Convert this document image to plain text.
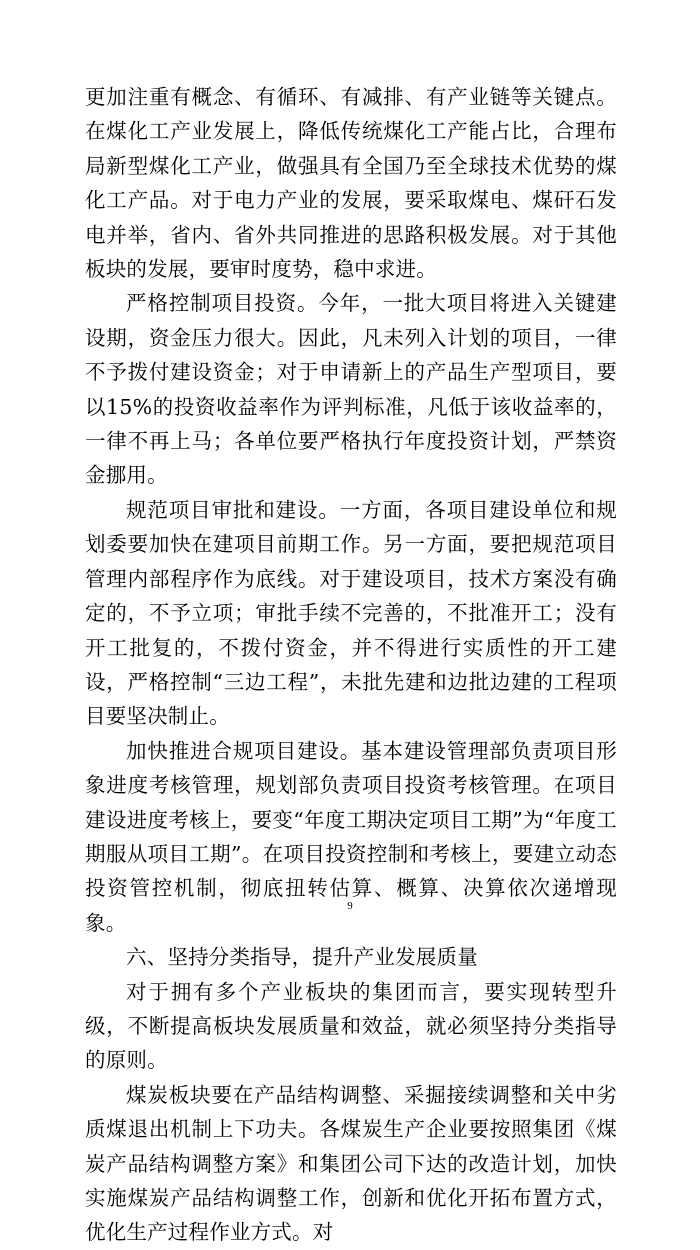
更加注重有概念、有循环、有减排、有产业链等关键点。在煤化工产业发展上，降低传统煤化工产能占比，合理布局新型煤化工产业，做强具有全国乃至全球技术优势的煤化工产品。对于电力产业的发展，要采取煤电、煤矸石发电并举，省内、省外共同推进的思路积极发展。对于其他板块的发展，要审时度势，稳中求进。

严格控制项目投资。今年，一批大项目将进入关键建设期，资金压力很大。因此，凡未列入计划的项目，一律不予拨付建设资金；对于申请新上的产品生产型项目，要以15%的投资收益率作为评判标准，凡低于该收益率的，一律不再上马；各单位要严格执行年度投资计划，严禁资金挪用。

规范项目审批和建设。一方面，各项目建设单位和规划委要加快在建项目前期工作。另一方面，要把规范项目管理内部程序作为底线。对于建设项目，技术方案没有确定的，不予立项；审批手续不完善的，不批准开工；没有开工批复的，不拨付资金，并不得进行实质性的开工建设，严格控制“三边工程”，未批先建和边批边建的工程项目要坚决制止。

加快推进合规项目建设。基本建设管理部负责项目形象进度考核管理，规划部负责项目投资考核管理。在项目建设进度考核上，要变“年度工期决定项目工期”为“年度工期服从项目工期”。在项目投资控制和考核上，要建立动态投资管控机制，彻底扭转估算、概算、决算依次递增现象。

六、坚持分类指导，提升产业发展质量

对于拥有多个产业板块的集团而言，要实现转型升级，不断提高板块发展质量和效益，就必须坚持分类指导的原则。

煤炭板块要在产品结构调整、采掘接续调整和关中劣质煤退出机制上下功夫。各煤炭生产企业要按照集团《煤炭产品结构调整方案》和集团公司下达的改造计划，加快实施煤炭产品结构调整工作，创新和优化开拓布置方式，优化生产过程作业方式。对

9
